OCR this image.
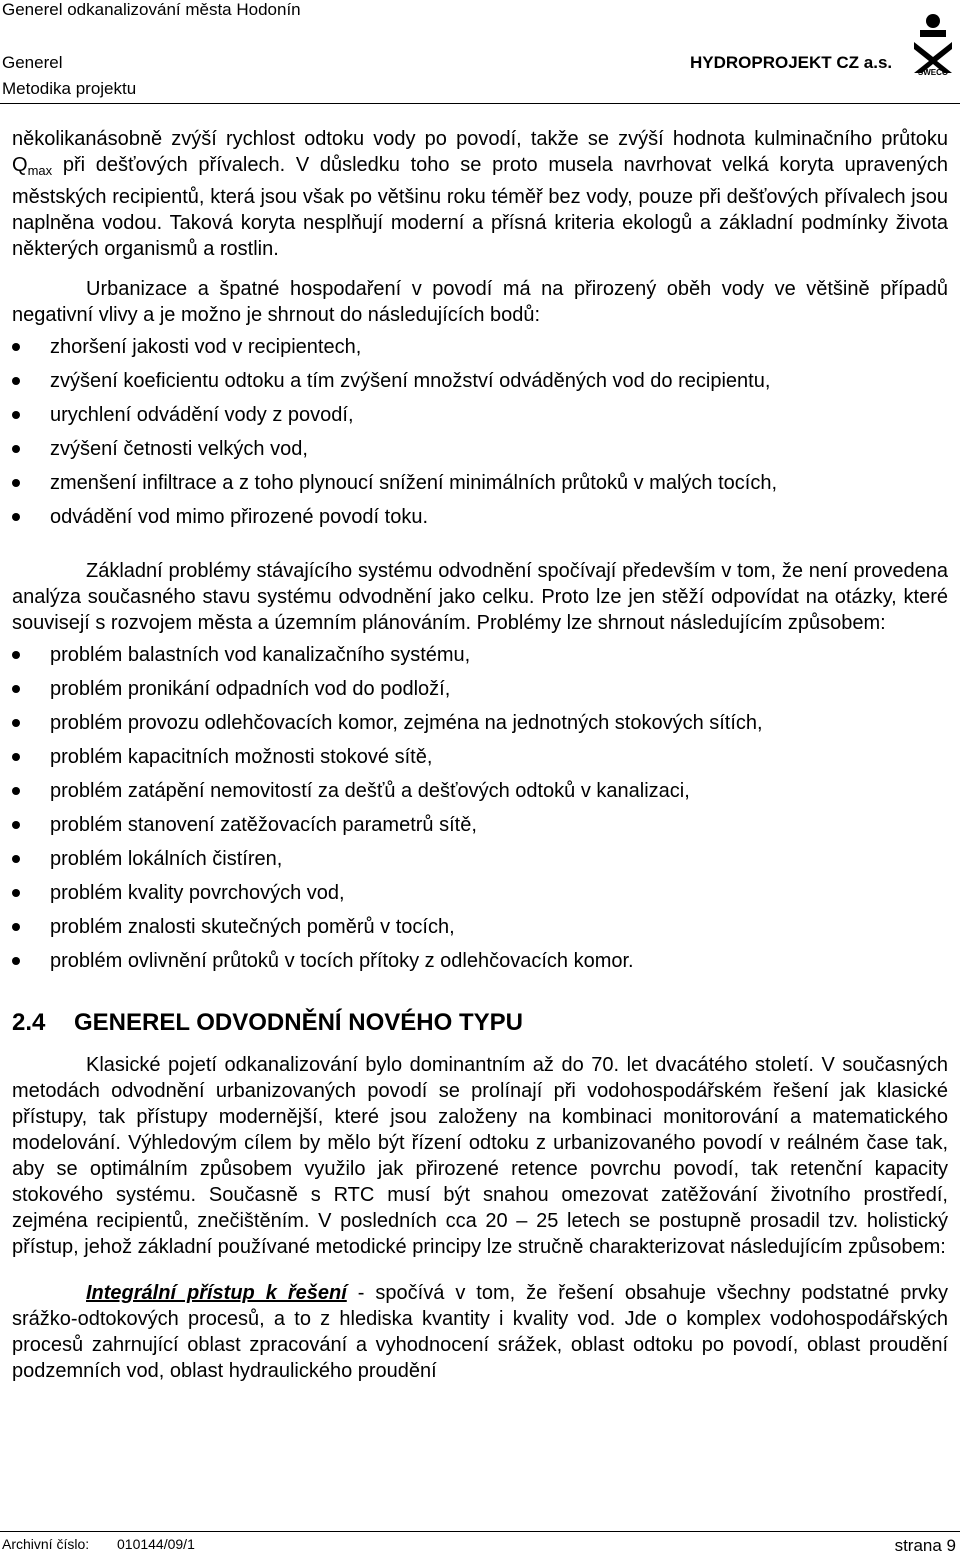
Generel odkanalizování města Hodonín
Generel
Metodika projektu
HYDROPROJEKT CZ a.s.
SWECO

několikanásobně zvýší rychlost odtoku vody po povodí, takže se zvýší hodnota kulminačního průtoku $Q_{max}$ při dešťových přívalech. V důsledku toho se proto musela navrhovat velká koryta upravených městských recipientů, která jsou však po většinu roku téměř bez vody, pouze při dešťových přívalech jsou naplněna vodou. Taková koryta nesplňují moderní a přísná kriteria ekologů a základní podmínky života některých organismů a rostlin.

Urbanizace a špatné hospodaření v povodí má na přirozený oběh vody ve většině případů negativní vlivy a je možno je shrnout do následujících bodů:

zhoršení jakosti vod v recipientech,
zvýšení koeficientu odtoku a tím zvýšení množství odváděných vod do recipientu,
urychlení odvádění vody z povodí,
zvýšení četnosti velkých vod,
zmenšení infiltrace a z toho plynoucí snížení minimálních průtoků v malých tocích,
odvádění vod mimo přirozené povodí toku.

Základní problémy stávajícího systému odvodnění spočívají především v tom, že není provedena analýza současného stavu systému odvodnění jako celku. Proto lze jen stěží odpovídat na otázky, které souvisejí s rozvojem města a územním plánováním. Problémy lze shrnout následujícím způsobem:

problém balastních vod kanalizačního systému,
problém pronikání odpadních vod do podloží,
problém provozu odlehčovacích komor, zejména na jednotných stokových sítích,
problém kapacitních možnosti stokové sítě,
problém zatápění nemovitostí za dešťů a dešťových odtoků v kanalizaci,
problém stanovení zatěžovacích parametrů sítě,
problém lokálních čistíren,
problém kvality povrchových vod,
problém znalosti skutečných poměrů v tocích,
problém ovlivnění průtoků v tocích přítoky z odlehčovacích komor.
2.4 GENEREL ODVODNĚNÍ NOVÉHO TYPU

Klasické pojetí odkanalizování bylo dominantním až do 70. let dvacátého století. V současných metodách odvodnění urbanizovaných povodí se prolínají při vodohospodářském řešení jak klasické přístupy, tak přístupy modernější, které jsou založeny na kombinaci monitorování a matematického modelování. Výhledovým cílem by mělo být řízení odtoku z urbanizovaného povodí v reálném čase tak, aby se optimálním způsobem využilo jak přirozené retence povrchu povodí, tak retenční kapacity stokového systému. Současně s RTC musí být snahou omezovat zatěžování životního prostředí, zejména recipientů, znečištěním. V posledních cca 20 – 25 letech se postupně prosadil tzv. holistický přístup, jehož základní používané metodické principy lze stručně charakterizovat následujícím způsobem:

Integrální přístup k řešení - spočívá v tom, že řešení obsahuje všechny podstatné prvky srážko-odtokových procesů, a to z hlediska kvantity i kvality vod. Jde o komplex vodohospodářských procesů zahrnující oblast zpracování a vyhodnocení srážek, oblast odtoku po povodí, oblast proudění podzemních vod, oblast hydraulického proudění

Archivní číslo: 010144/09/1	strana 9
